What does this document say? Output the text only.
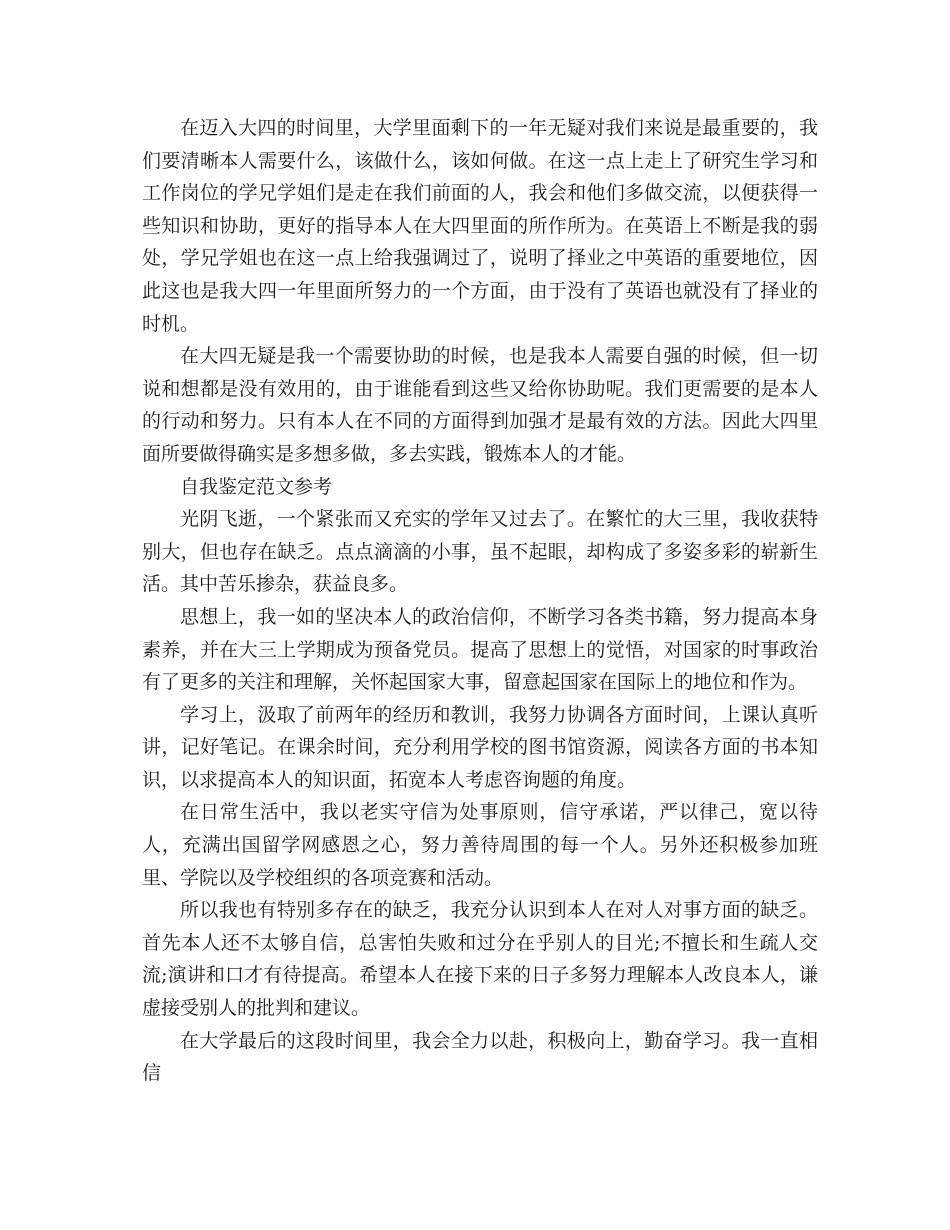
在迈入大四的时间里，大学里面剩下的一年无疑对我们来说是最重要的，我们要清晰本人需要什么，该做什么，该如何做。在这一点上走上了研究生学习和工作岗位的学兄学姐们是走在我们前面的人，我会和他们多做交流，以便获得一些知识和协助，更好的指导本人在大四里面的所作所为。在英语上不断是我的弱处，学兄学姐也在这一点上给我强调过了，说明了择业之中英语的重要地位，因此这也是我大四一年里面所努力的一个方面，由于没有了英语也就没有了择业的时机。

在大四无疑是我一个需要协助的时候，也是我本人需要自强的时候，但一切说和想都是没有效用的，由于谁能看到这些又给你协助呢。我们更需要的是本人的行动和努力。只有本人在不同的方面得到加强才是最有效的方法。因此大四里面所要做得确实是多想多做，多去实践，锻炼本人的才能。

自我鉴定范文参考

光阴飞逝，一个紧张而又充实的学年又过去了。在繁忙的大三里，我收获特别大，但也存在缺乏。点点滴滴的小事，虽不起眼，却构成了多姿多彩的崭新生活。其中苦乐掺杂，获益良多。

思想上，我一如的坚决本人的政治信仰，不断学习各类书籍，努力提高本身素养，并在大三上学期成为预备党员。提高了思想上的觉悟，对国家的时事政治有了更多的关注和理解，关怀起国家大事，留意起国家在国际上的地位和作为。

学习上，汲取了前两年的经历和教训，我努力协调各方面时间，上课认真听讲，记好笔记。在课余时间，充分利用学校的图书馆资源，阅读各方面的书本知识，以求提高本人的知识面，拓宽本人考虑咨询题的角度。

在日常生活中，我以老实守信为处事原则，信守承诺，严以律己，宽以待人，充满出国留学网感恩之心，努力善待周围的每一个人。另外还积极参加班里、学院以及学校组织的各项竞赛和活动。

所以我也有特别多存在的缺乏，我充分认识到本人在对人对事方面的缺乏。首先本人还不太够自信，总害怕失败和过分在乎别人的目光;不擅长和生疏人交流;演讲和口才有待提高。希望本人在接下来的日子多努力理解本人改良本人，谦虚接受别人的批判和建议。

在大学最后的这段时间里，我会全力以赴，积极向上，勤奋学习。我一直相信
